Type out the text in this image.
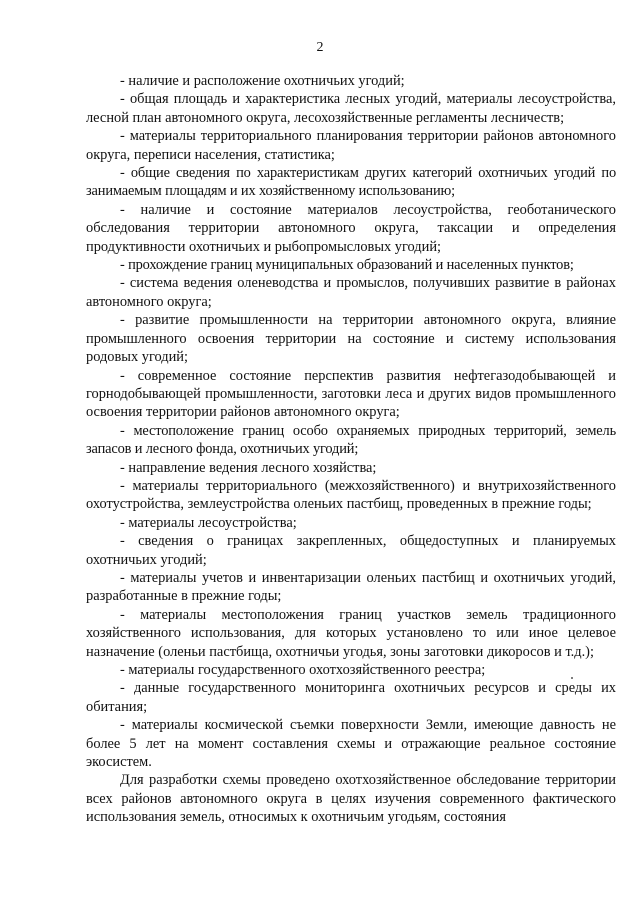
2

- наличие и расположение охотничьих угодий;

- общая площадь и характеристика лесных угодий, материалы лесоустройства, лесной план автономного округа, лесохозяйственные регламенты лесничеств;

- материалы территориального планирования территории районов автономного округа, переписи населения, статистика;

- общие сведения по характеристикам других категорий охотничьих угодий по занимаемым площадям и их хозяйственному использованию;

- наличие и состояние материалов лесоустройства, геоботанического обследования территории автономного округа, таксации и определения продуктивности охотничьих и рыбопромысловых угодий;

- прохождение границ муниципальных образований и населенных пунктов;

- система ведения оленеводства и промыслов, получивших развитие в районах автономного округа;

- развитие промышленности на территории автономного округа, влияние промышленного освоения территории на состояние и систему использования родовых угодий;

- современное состояние перспектив развития нефтегазодобывающей и горнодобывающей промышленности, заготовки леса и других видов промышленного освоения территории районов автономного округа;

- местоположение границ особо охраняемых природных территорий, земель запасов и лесного фонда, охотничьих угодий;

- направление ведения лесного хозяйства;

- материалы территориального (межхозяйственного) и внутрихозяйственного охотустройства, землеустройства оленьих пастбищ, проведенных в прежние годы;

- материалы лесоустройства;

- сведения о границах закрепленных, общедоступных и планируемых охотничьих угодий;

- материалы учетов и инвентаризации оленьих пастбищ и охотничьих угодий, разработанные в прежние годы;

- материалы местоположения границ участков земель традиционного хозяйственного использования, для которых установлено то или иное целевое назначение (оленьи пастбища, охотничьи угодья, зоны заготовки дикоросов и т.д.);

- материалы государственного охотхозяйственного реестра;

- данные государственного мониторинга охотничьих ресурсов и среды их обитания;

- материалы космической съемки поверхности Земли, имеющие давность не более 5 лет на момент составления схемы и отражающие реальное состояние экосистем.

Для разработки схемы проведено охотхозяйственное обследование территории всех районов автономного округа в целях изучения современного фактического использования земель, относимых к охотничьим угодьям, состояния
